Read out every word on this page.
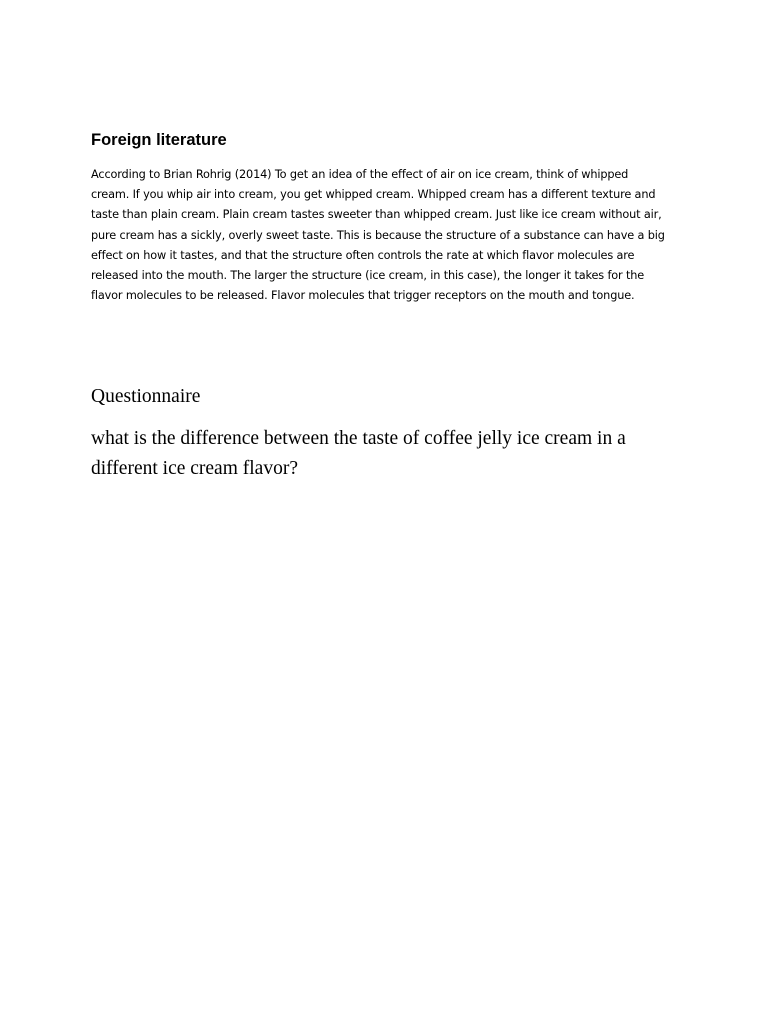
Foreign literature

According to Brian Rohrig (2014) To get an idea of the effect of air on ice cream, think of whipped
cream. If you whip air into cream, you get whipped cream. Whipped cream has a different texture and
taste than plain cream. Plain cream tastes sweeter than whipped cream. Just like ice cream without air,
pure cream has a sickly, overly sweet taste. This is because the structure of a substance can have a big
effect on how it tastes, and that the structure often controls the rate at which flavor molecules are
released into the mouth. The larger the structure (ice cream, in this case), the longer it takes for the
flavor molecules to be released. Flavor molecules that trigger receptors on the mouth and tongue.

Questionnaire

what is the difference between the taste of coffee jelly ice cream in a
different ice cream flavor?
